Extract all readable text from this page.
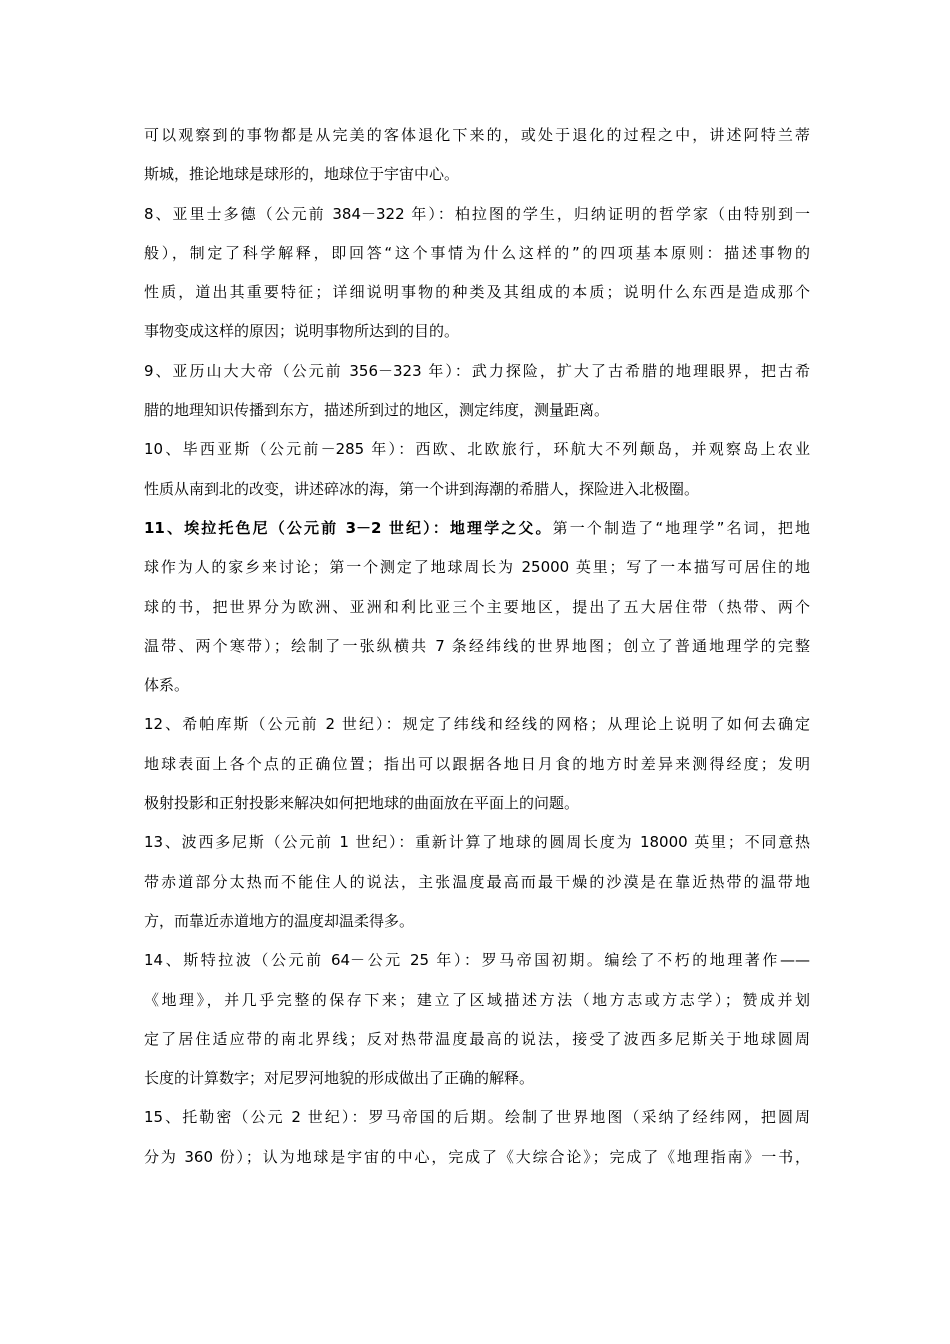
可以观察到的事物都是从完美的客体退化下来的，或处于退化的过程之中，讲述阿特兰蒂
斯城，推论地球是球形的，地球位于宇宙中心。
8、亚里士多德（公元前 384－322 年）：柏拉图的学生，归纳证明的哲学家（由特别到一
般），制定了科学解释，即回答“这个事情为什么这样的”的四项基本原则：描述事物的
性质，道出其重要特征；详细说明事物的种类及其组成的本质；说明什么东西是造成那个
事物变成这样的原因；说明事物所达到的目的。
9、亚历山大大帝（公元前 356－323 年）：武力探险，扩大了古希腊的地理眼界，把古希
腊的地理知识传播到东方，描述所到过的地区，测定纬度，测量距离。
10、毕西亚斯（公元前－285 年）：西欧、北欧旅行，环航大不列颠岛，并观察岛上农业
性质从南到北的改变，讲述碎冰的海，第一个讲到海潮的希腊人，探险进入北极圈。
11、埃拉托色尼（公元前 3－2 世纪）：地理学之父。第一个制造了“地理学”名词，把地
球作为人的家乡来讨论；第一个测定了地球周长为 25000 英里；写了一本描写可居住的地
球的书，把世界分为欧洲、亚洲和利比亚三个主要地区，提出了五大居住带（热带、两个
温带、两个寒带）；绘制了一张纵横共 7 条经纬线的世界地图；创立了普通地理学的完整
体系。
12、希帕库斯（公元前 2 世纪）：规定了纬线和经线的网格；从理论上说明了如何去确定
地球表面上各个点的正确位置；指出可以跟据各地日月食的地方时差异来测得经度；发明
极射投影和正射投影来解决如何把地球的曲面放在平面上的问题。
13、波西多尼斯（公元前 1 世纪）：重新计算了地球的圆周长度为 18000 英里；不同意热
带赤道部分太热而不能住人的说法，主张温度最高而最干燥的沙漠是在靠近热带的温带地
方，而靠近赤道地方的温度却温柔得多。
14、斯特拉波（公元前 64－公元 25 年）：罗马帝国初期。编绘了不朽的地理著作——
《地理》，并几乎完整的保存下来；建立了区域描述方法（地方志或方志学）；赞成并划
定了居住适应带的南北界线；反对热带温度最高的说法，接受了波西多尼斯关于地球圆周
长度的计算数字；对尼罗河地貌的形成做出了正确的解释。
15、托勒密（公元 2 世纪）：罗马帝国的后期。绘制了世界地图（采纳了经纬网，把圆周
分为 360 份）；认为地球是宇宙的中心，完成了《大综合论》；完成了《地理指南》一书，
